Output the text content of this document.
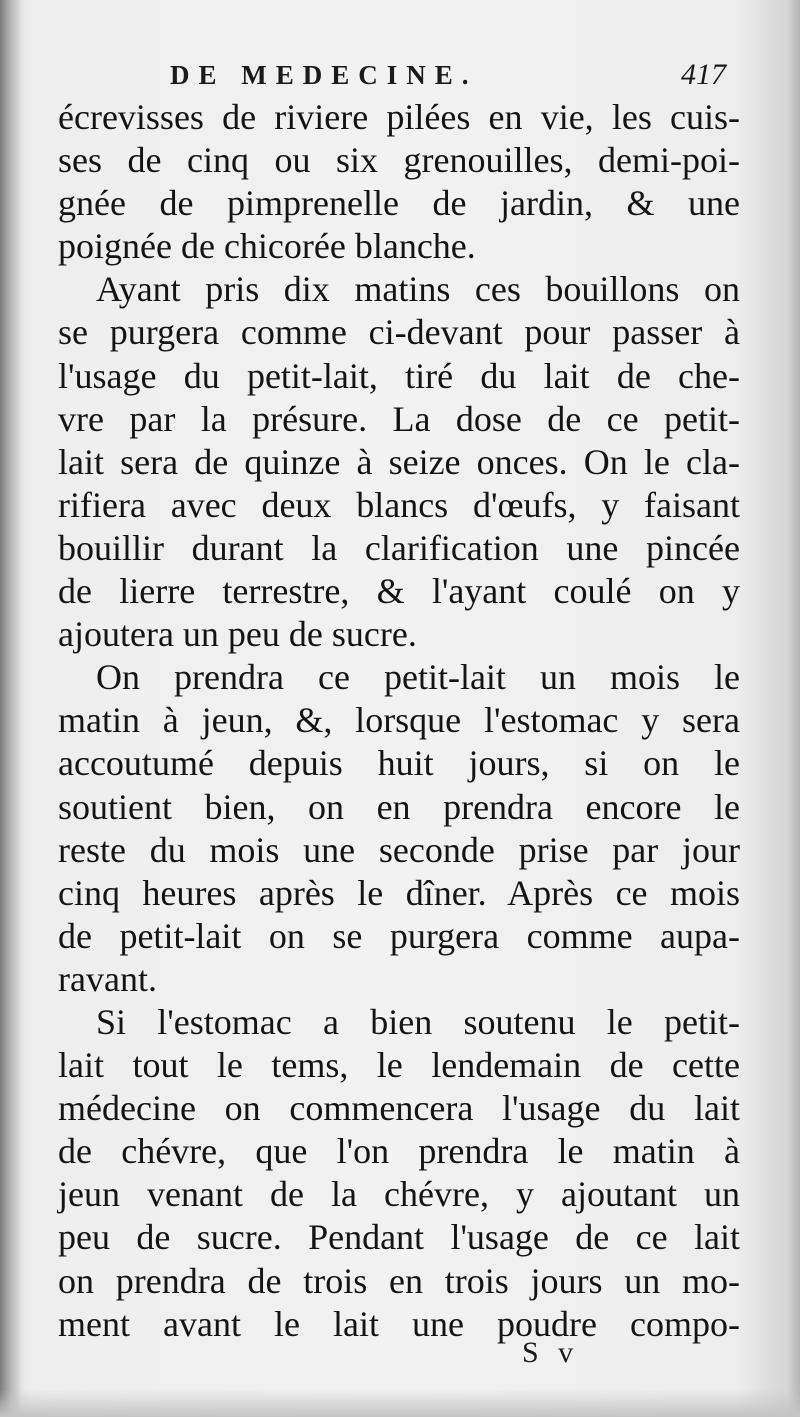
DE MEDECINE.	417
écrevisses de riviere pilées en vie, les cuis-
ses de cinq ou six grenouilles, demi-poi-
gnée de pimprenelle de jardin, & une
poignée de chicorée blanche.
Ayant pris dix matins ces bouillons on
se purgera comme ci-devant pour passer à
l'usage du petit-lait, tiré du lait de che-
vre par la présure. La dose de ce petit-
lait sera de quinze à seize onces. On le cla-
rifiera avec deux blancs d'œufs, y faisant
bouillir durant la clarification une pincée
de lierre terrestre, & l'ayant coulé on y
ajoutera un peu de sucre.
On prendra ce petit-lait un mois le
matin à jeun, &, lorsque l'estomac y sera
accoutumé depuis huit jours, si on le
soutient bien, on en prendra encore le
reste du mois une seconde prise par jour
cinq heures après le dîner. Après ce mois
de petit-lait on se purgera comme aupa-
ravant.
Si l'estomac a bien soutenu le petit-
lait tout le tems, le lendemain de cette
médecine on commencera l'usage du lait
de chévre, que l'on prendra le matin à
jeun venant de la chévre, y ajoutant un
peu de sucre. Pendant l'usage de ce lait
on prendra de trois en trois jours un mo-
ment avant le lait une poudre compo-
S v
